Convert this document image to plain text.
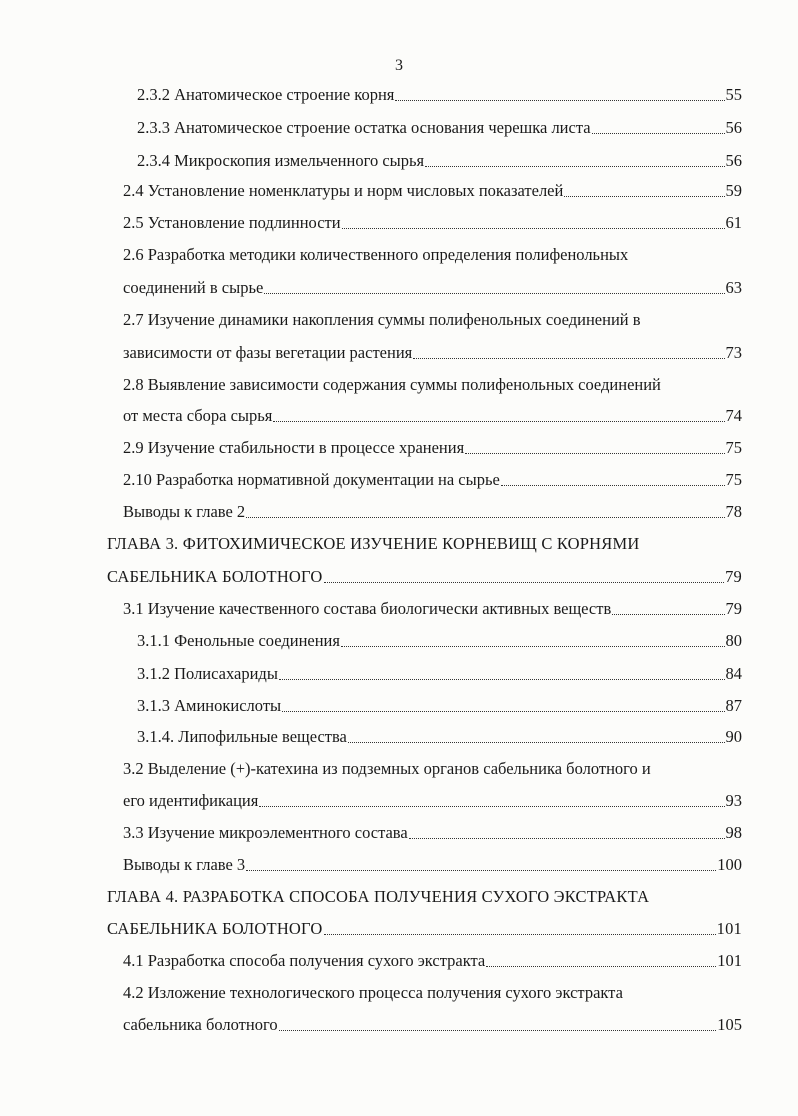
3
2.3.2 Анатомическое строение корня	55
2.3.3 Анатомическое строение остатка основания черешка листа	56
2.3.4 Микроскопия измельченного сырья	56
2.4 Установление номенклатуры и норм числовых показателей	59
2.5 Установление подлинности	61
2.6 Разработка методики количественного определения полифенольных
соединений в сырье	63
2.7 Изучение динамики накопления суммы полифенольных соединений в
зависимости от фазы вегетации растения	73
2.8 Выявление зависимости содержания суммы полифенольных соединений
от места сбора сырья	74
2.9 Изучение стабильности в процессе хранения	75
2.10 Разработка нормативной документации на сырье	75
Выводы к главе 2	78
ГЛАВА 3. ФИТОХИМИЧЕСКОЕ ИЗУЧЕНИЕ КОРНЕВИЩ С КОРНЯМИ
САБЕЛЬНИКА БОЛОТНОГО	79
3.1 Изучение качественного состава биологически активных веществ	79
3.1.1 Фенольные соединения	80
3.1.2 Полисахариды	84
3.1.3 Аминокислоты	87
3.1.4. Липофильные вещества	90
3.2 Выделение (+)-катехина из подземных органов сабельника болотного и
его идентификация	93
3.3 Изучение микроэлементного состава	98
Выводы к главе 3	100
ГЛАВА 4. РАЗРАБОТКА СПОСОБА ПОЛУЧЕНИЯ СУХОГО ЭКСТРАКТА
САБЕЛЬНИКА БОЛОТНОГО	101
4.1 Разработка способа получения сухого экстракта	101
4.2 Изложение технологического процесса получения сухого экстракта
сабельника болотного	105
